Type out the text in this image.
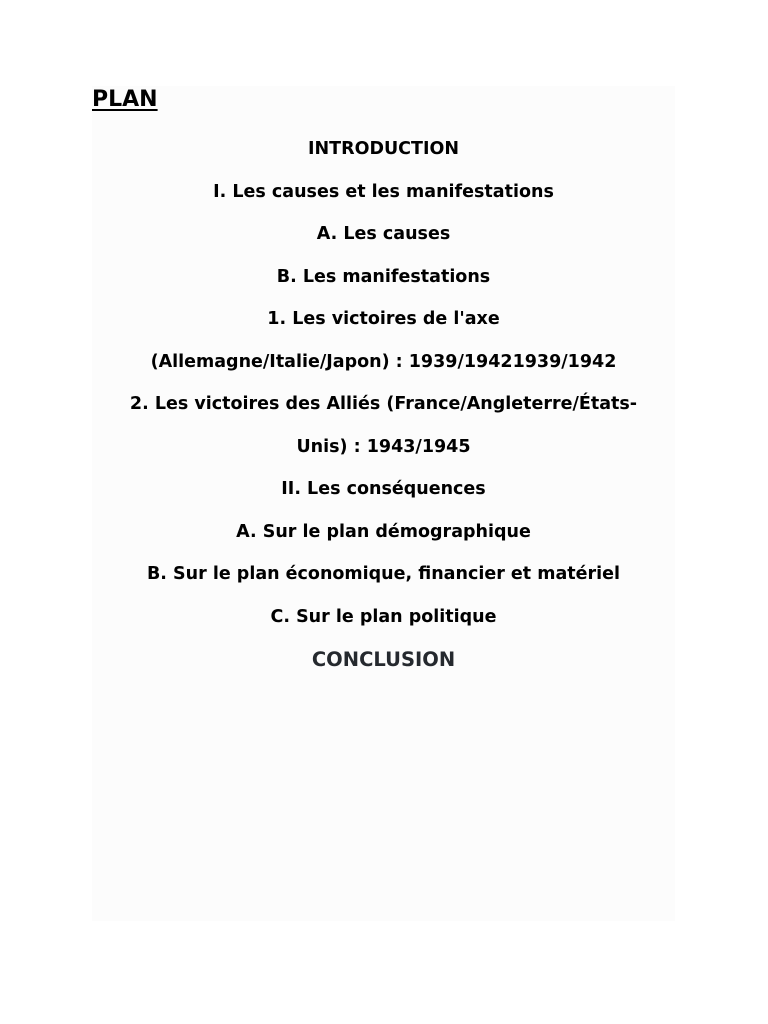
PLAN
INTRODUCTION
I. Les causes et les manifestations
A. Les causes
B. Les manifestations
1. Les victoires de l'axe
(Allemagne/Italie/Japon) : 1939/19421939/1942
2. Les victoires des Alliés (France/Angleterre/États-
Unis) : 1943/1945
II. Les conséquences
A. Sur le plan démographique
B. Sur le plan économique, financier et matériel
C. Sur le plan politique
CONCLUSION
